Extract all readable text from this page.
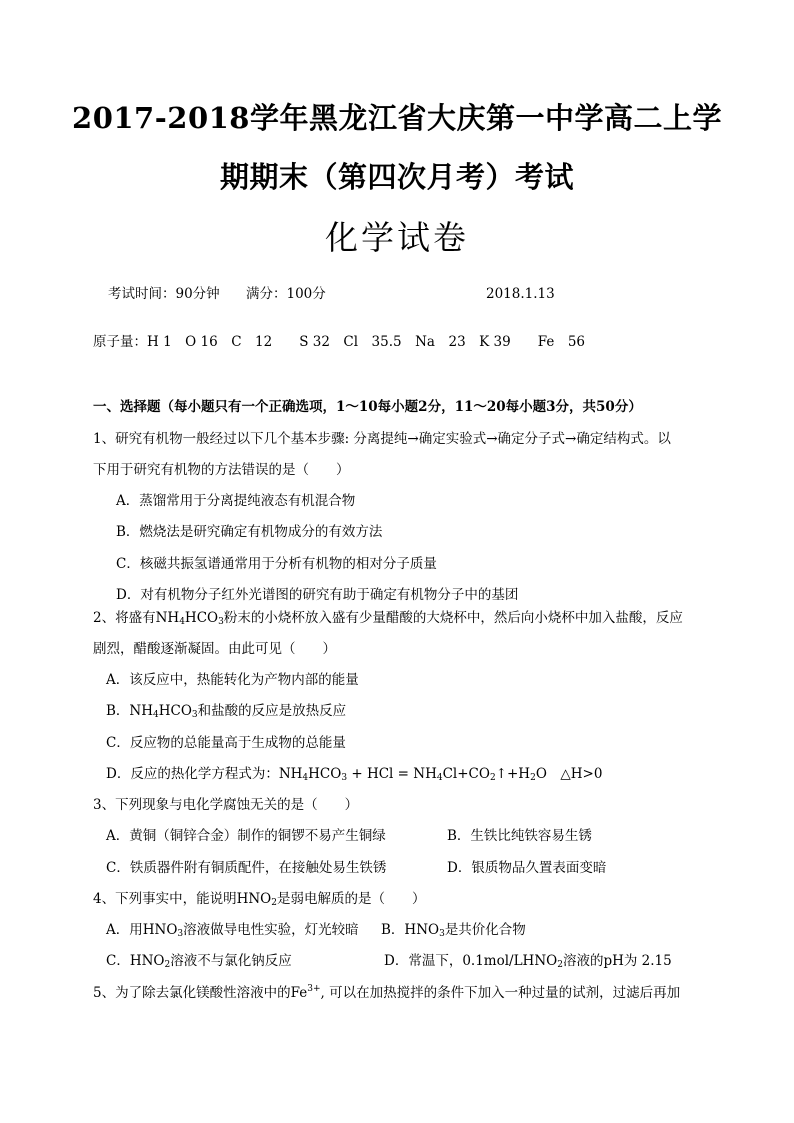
2017-2018学年黑龙江省大庆第一中学高二上学
期期末（第四次月考）考试
化学试卷
考试时间：90分钟 满分：100分	2018.1.13
原子量：H 1　O 16　C　12　　S 32　Cl　35.5　Na　23　K 39　　Fe　56
一、选择题（每小题只有一个正确选项，1～10每小题2分，11～20每小题3分，共50分）
1、研究有机物一般经过以下几个基本步骤: 分离提纯→确定实验式→确定分子式→确定结构式。以
下用于研究有机物的方法错误的是（　　）
A．蒸馏常用于分离提纯液态有机混合物
B．燃烧法是研究确定有机物成分的有效方法
C．核磁共振氢谱通常用于分析有机物的相对分子质量
D．对有机物分子红外光谱图的研究有助于确定有机物分子中的基团
2、将盛有$NH_4HCO_3$粉末的小烧杯放入盛有少量醋酸的大烧杯中，然后向小烧杯中加入盐酸，反应
剧烈，醋酸逐渐凝固。由此可见（　　）
A．该反应中，热能转化为产物内部的能量
B．$NH_4HCO_3$和盐酸的反应是放热反应
C．反应物的总能量高于生成物的总能量
D．反应的热化学方程式为：$NH_4HCO_3$ + HCl = $NH_4Cl+CO_2↑+H_2O$　△H>0
3、下列现象与电化学腐蚀无关的是（　　）
A．黄铜（铜锌合金）制作的铜锣不易产生铜绿	B．生铁比纯铁容易生锈
C．铁质器件附有铜质配件，在接触处易生铁锈	D．银质物品久置表面变暗
4、下列事实中，能说明$HNO_2$是弱电解质的是（　　）
A．用$HNO_3$溶液做导电性实验，灯光较暗 B．$HNO_3$是共价化合物
C．$HNO_2$溶液不与氯化钠反应	D．常温下，$0.1mol/LHNO_2$溶液的pH为 2.15
5、为了除去氯化镁酸性溶液中的$Fe^{3+}$, 可以在加热搅拌的条件下加入一种过量的试剂，过滤后再加
